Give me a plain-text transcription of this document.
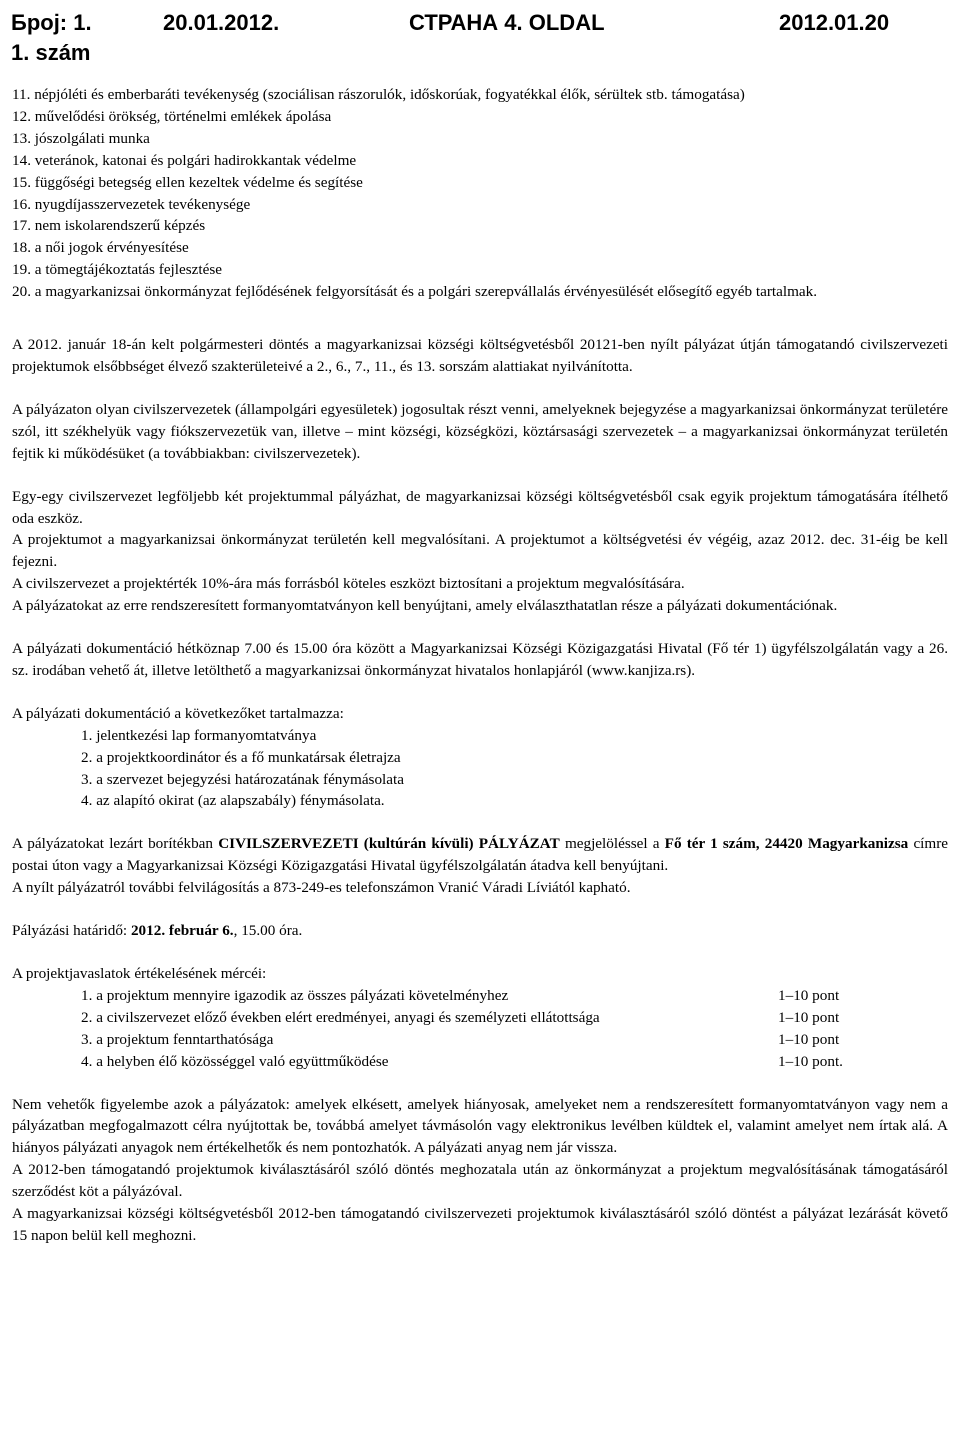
Број: 1.
1. szám
20.01.2012.	СТРАНА 4. OLDAL	2012.01.20
11. népjóléti és emberbaráti tevékenység (szociálisan rászorulók, időskorúak, fogyatékkal élők, sérültek stb. támogatása)
12. művelődési örökség, történelmi emlékek ápolása
13. jószolgálati munka
14. veteránok, katonai és polgári hadirokkantak védelme
15. függőségi betegség ellen kezeltek védelme és segítése
16. nyugdíjasszervezetek tevékenysége
17. nem iskolarendszerű képzés
18. a női jogok érvényesítése
19. a tömegtájékoztatás fejlesztése
20. a magyarkanizsai önkormányzat fejlődésének felgyorsítását és a polgári szerepvállalás érvényesülését elősegítő egyéb tartalmak.

A 2012. január 18-án kelt polgármesteri döntés a magyarkanizsai községi költségvetésből 20121-ben nyílt pályázat útján támogatandó civilszervezeti projektumok elsőbbséget élvező szakterületeivé a 2., 6., 7., 11., és 13. sorszám alattiakat nyilvánította.

A pályázaton olyan civilszervezetek (állampolgári egyesületek) jogosultak részt venni, amelyeknek bejegyzése a magyarkanizsai önkormányzat területére szól, itt székhelyük vagy fiókszervezetük van, illetve – mint községi, községközi, köztársasági szervezetek – a magyarkanizsai önkormányzat területén fejtik ki működésüket (a továbbiakban: civilszervezetek).

Egy-egy civilszervezet legföljebb két projektummal pályázhat, de magyarkanizsai községi költségvetésből csak egyik projektum támogatására ítélhető oda eszköz.

A projektumot a magyarkanizsai önkormányzat területén kell megvalósítani. A projektumot a költségvetési év végéig, azaz 2012. dec. 31-éig be kell fejezni.

A civilszervezet a projektérték 10%-ára más forrásból köteles eszközt biztosítani a projektum megvalósítására.

A pályázatokat az erre rendszeresített formanyomtatványon kell benyújtani, amely elválaszthatatlan része a pályázati dokumentációnak.

A pályázati dokumentáció hétköznap 7.00 és 15.00 óra között a Magyarkanizsai Községi Közigazgatási Hivatal (Fő tér 1) ügyfélszolgálatán vagy a 26. sz. irodában vehető át, illetve letölthető a magyarkanizsai önkormányzat hivatalos honlapjáról (www.kanjiza.rs).

A pályázati dokumentáció a következőket tartalmazza:

1. jelentkezési lap formanyomtatványa
2. a projektkoordinátor és a fő munkatársak életrajza
3. a szervezet bejegyzési határozatának fénymásolata
4. az alapító okirat (az alapszabály) fénymásolata.

A pályázatokat lezárt borítékban CIVILSZERVEZETI (kultúrán kívüli) PÁLYÁZAT megjelöléssel a Fő tér 1 szám, 24420 Magyarkanizsa címre postai úton vagy a Magyarkanizsai Községi Közigazgatási Hivatal ügyfélszolgálatán átadva kell benyújtani.

A nyílt pályázatról további felvilágosítás a 873-249-es telefonszámon Vranić Váradi Líviától kapható.

Pályázási határidő: 2012. február 6., 15.00 óra.

A projektjavaslatok értékelésének mércéi:

1. a projektum mennyire igazodik az összes pályázati követelményhez	1–10 pont
2. a civilszervezet előző években elért eredményei, anyagi és személyzeti ellátottsága	1–10 pont
3. a projektum fenntarthatósága	1–10 pont
4. a helyben élő közösséggel való együttműködése	1–10 pont.

Nem vehetők figyelembe azok a pályázatok: amelyek elkésett, amelyek hiányosak, amelyeket nem a rendszeresített formanyomtatványon vagy nem a pályázatban megfogalmazott célra nyújtottak be, továbbá amelyet távmásolón vagy elektronikus levélben küldtek el, valamint amelyet nem írtak alá. A hiányos pályázati anyagok nem értékelhetők és nem pontozhatók. A pályázati anyag nem jár vissza.

A 2012-ben támogatandó projektumok kiválasztásáról szóló döntés meghozatala után az önkormányzat a projektum megvalósításának támogatásáról szerződést köt a pályázóval.

A magyarkanizsai községi költségvetésből 2012-ben támogatandó civilszervezeti projektumok kiválasztásáról szóló döntést a pályázat lezárását követő 15 napon belül kell meghozni.
